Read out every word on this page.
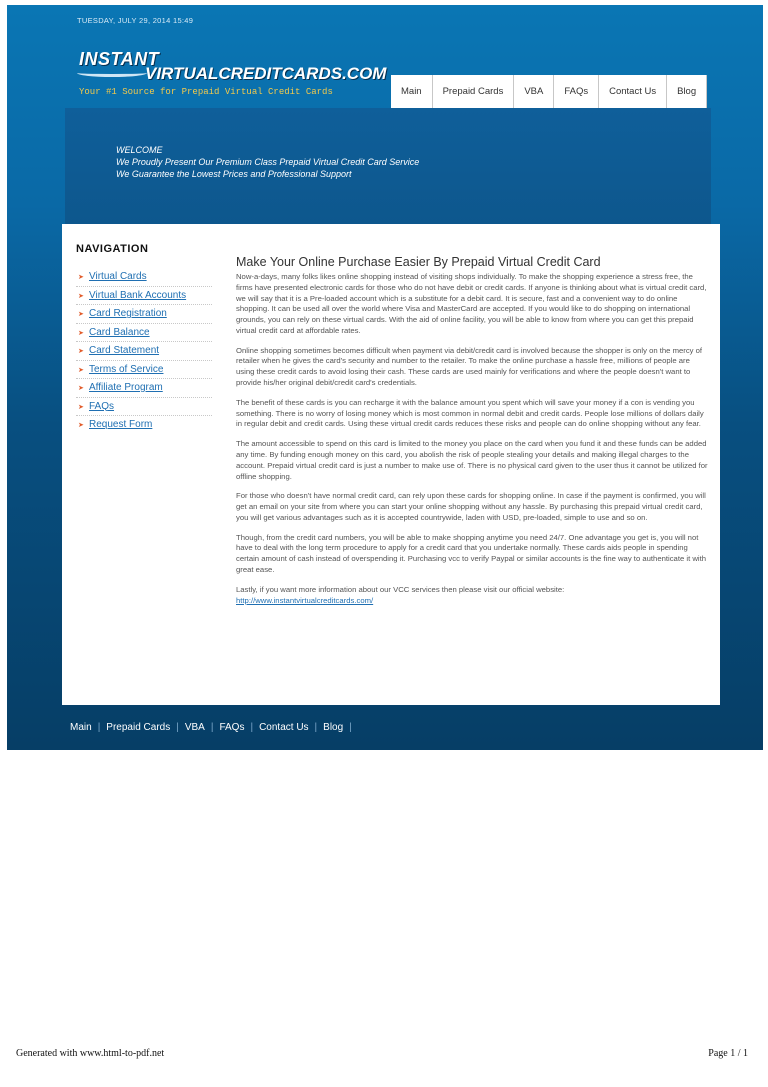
TUESDAY, JULY 29, 2014 15:49
INSTANT
VIRTUALCREDITCARDS.COM
Your #1 Source for Prepaid Virtual Credit Cards	Main	Prepaid Cards	VBA	FAQs	Contact Us	Blog
WELCOME
We Proudly Present Our Premium Class Prepaid Virtual Credit Card Service
We Guarantee the Lowest Prices and Professional Support
NAVIGATION
➤ Virtual Cards
➤ Virtual Bank Accounts
➤ Card Registration
➤ Card Balance
➤ Card Statement
➤ Terms of Service
➤ Affiliate Program
➤ FAQs
➤ Request Form
Make Your Online Purchase Easier By Prepaid Virtual Credit Card

Now-a-days, many folks likes online shopping instead of visiting shops individually. To make the shopping experience a stress free, the firms have presented electronic cards for those who do not have debit or credit cards. If anyone is thinking about what is virtual credit card, we will say that it is a Pre-loaded account which is a substitute for a debit card. It is secure, fast and a convenient way to do online shopping. It can be used all over the world where Visa and MasterCard are accepted. If you would like to do shopping on international grounds, you can rely on these virtual cards. With the aid of online facility, you will be able to know from where you can get this prepaid virtual credit card at affordable rates.

Online shopping sometimes becomes difficult when payment via debit/credit card is involved because the shopper is only on the mercy of retailer when he gives the card's security and number to the retailer. To make the online purchase a hassle free, millions of people are using these credit cards to avoid losing their cash. These cards are used mainly for verifications and where the people doesn't want to provide his/her original debit/credit card's credentials.

The benefit of these cards is you can recharge it with the balance amount you spent which will save your money if a con is vending you something. There is no worry of losing money which is most common in normal debit and credit cards. People lose millions of dollars daily in regular debit and credit cards. Using these virtual credit cards reduces these risks and people can do online shopping without any fear.

The amount accessible to spend on this card is limited to the money you place on the card when you fund it and these funds can be added any time. By funding enough money on this card, you abolish the risk of people stealing your details and making illegal charges to the account. Prepaid virtual credit card is just a number to make use of. There is no physical card given to the user thus it cannot be utilized for offline shopping.

For those who doesn't have normal credit card, can rely upon these cards for shopping online. In case if the payment is confirmed, you will get an email on your site from where you can start your online shopping without any hassle. By purchasing this prepaid virtual credit card, you will get various advantages such as it is accepted countrywide, laden with USD, pre-loaded, simple to use and so on.

Though, from the credit card numbers, you will be able to make shopping anytime you need 24/7. One advantage you get is, you will not have to deal with the long term procedure to apply for a credit card that you undertake normally. These cards aids people in spending certain amount of cash instead of overspending it. Purchasing vcc to verify Paypal or similar accounts is the fine way to authenticate it with great ease.

Lastly, if you want more information about our VCC services then please visit our official website:
http://www.instantvirtualcreditcards.com/

Main | Prepaid Cards | VBA | FAQs | Contact Us | Blog |
Generated with www.html-to-pdf.net	Page 1 / 1
